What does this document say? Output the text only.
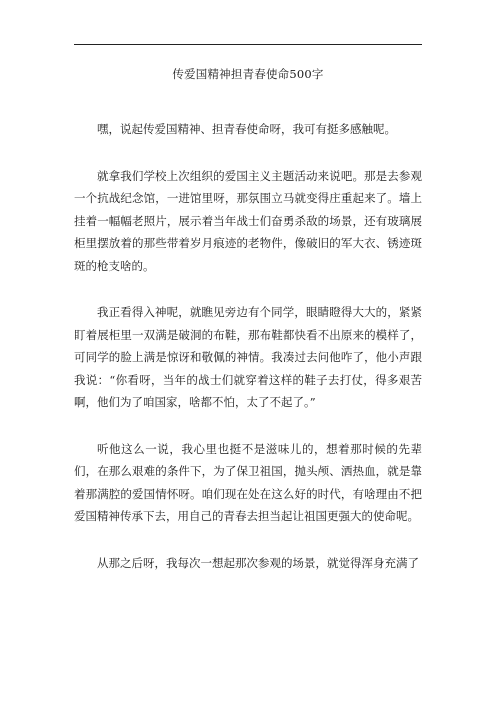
传爱国精神担青春使命500字

嘿，说起传爱国精神、担青春使命呀，我可有挺多感触呢。

就拿我们学校上次组织的爱国主义主题活动来说吧。那是去参观一个抗战纪念馆，一进馆里呀，那氛围立马就变得庄重起来了。墙上挂着一幅幅老照片，展示着当年战士们奋勇杀敌的场景，还有玻璃展柜里摆放着的那些带着岁月痕迹的老物件，像破旧的军大衣、锈迹斑斑的枪支啥的。

我正看得入神呢，就瞧见旁边有个同学，眼睛瞪得大大的，紧紧盯着展柜里一双满是破洞的布鞋，那布鞋都快看不出原来的模样了，可同学的脸上满是惊讶和敬佩的神情。我凑过去问他咋了，他小声跟我说：“你看呀，当年的战士们就穿着这样的鞋子去打仗，得多艰苦啊，他们为了咱国家，啥都不怕，太了不起了。”

听他这么一说，我心里也挺不是滋味儿的，想着那时候的先辈们，在那么艰难的条件下，为了保卫祖国，抛头颅、洒热血，就是靠着那满腔的爱国情怀呀。咱们现在处在这么好的时代，有啥理由不把爱国精神传承下去，用自己的青春去担当起让祖国更强大的使命呢。

从那之后呀，我每次一想起那次参观的场景，就觉得浑身充满了
